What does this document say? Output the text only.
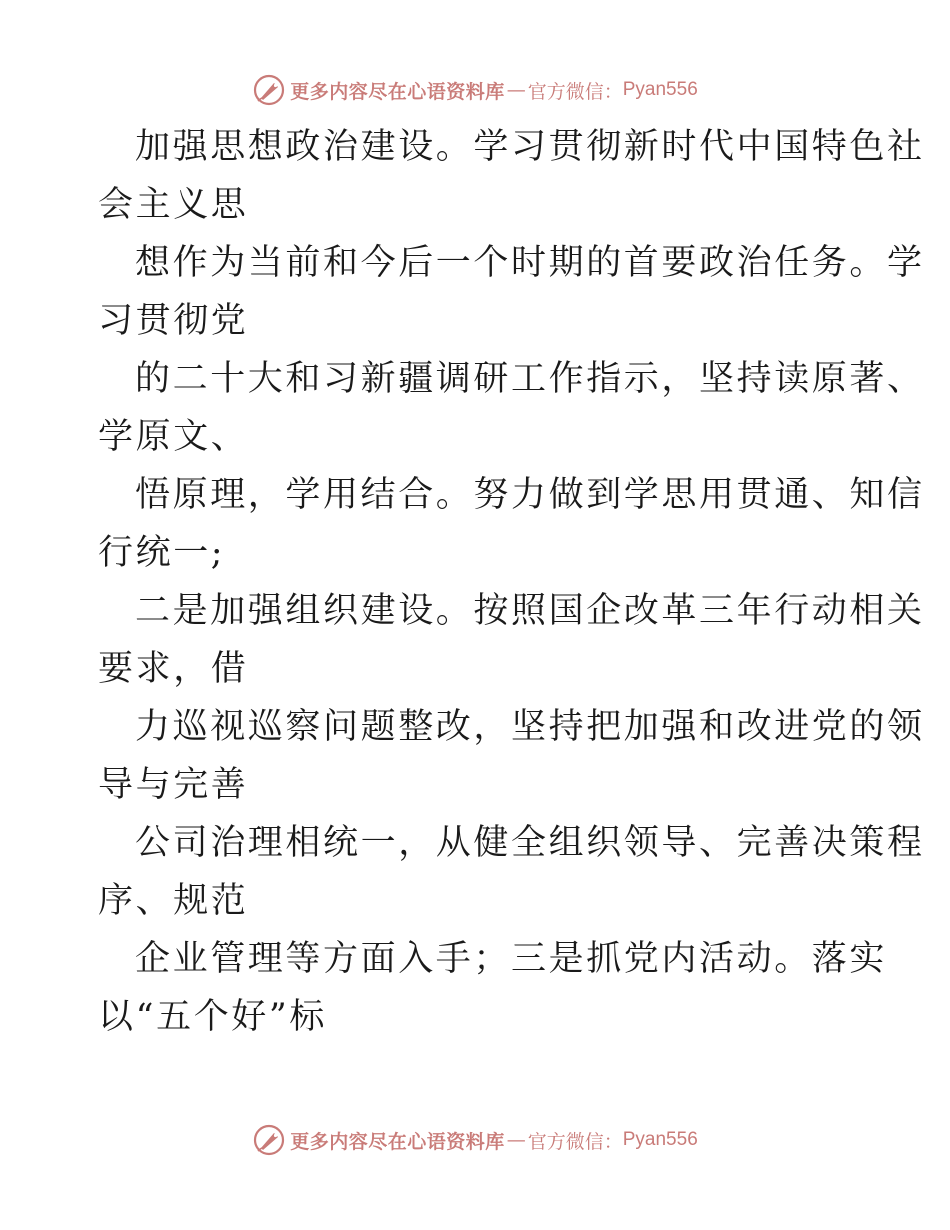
更多内容尽在心语资料库 — 官方微信： Pyan556
加强思想政治建设。学习贯彻新时代中国特色社
会主义思
想作为当前和今后一个时期的首要政治任务。学
习贯彻党
的二十大和习新疆调研工作指示，坚持读原著、
学原文、
悟原理，学用结合。努力做到学思用贯通、知信
行统一;
二是加强组织建设。按照国企改革三年行动相关
要求，借
力巡视巡察问题整改，坚持把加强和改进党的领
导与完善
公司治理相统一，从健全组织领导、完善决策程
序、规范
企业管理等方面入手；三是抓党内活动。落实
以“五个好”标
更多内容尽在心语资料库 — 官方微信： Pyan556
